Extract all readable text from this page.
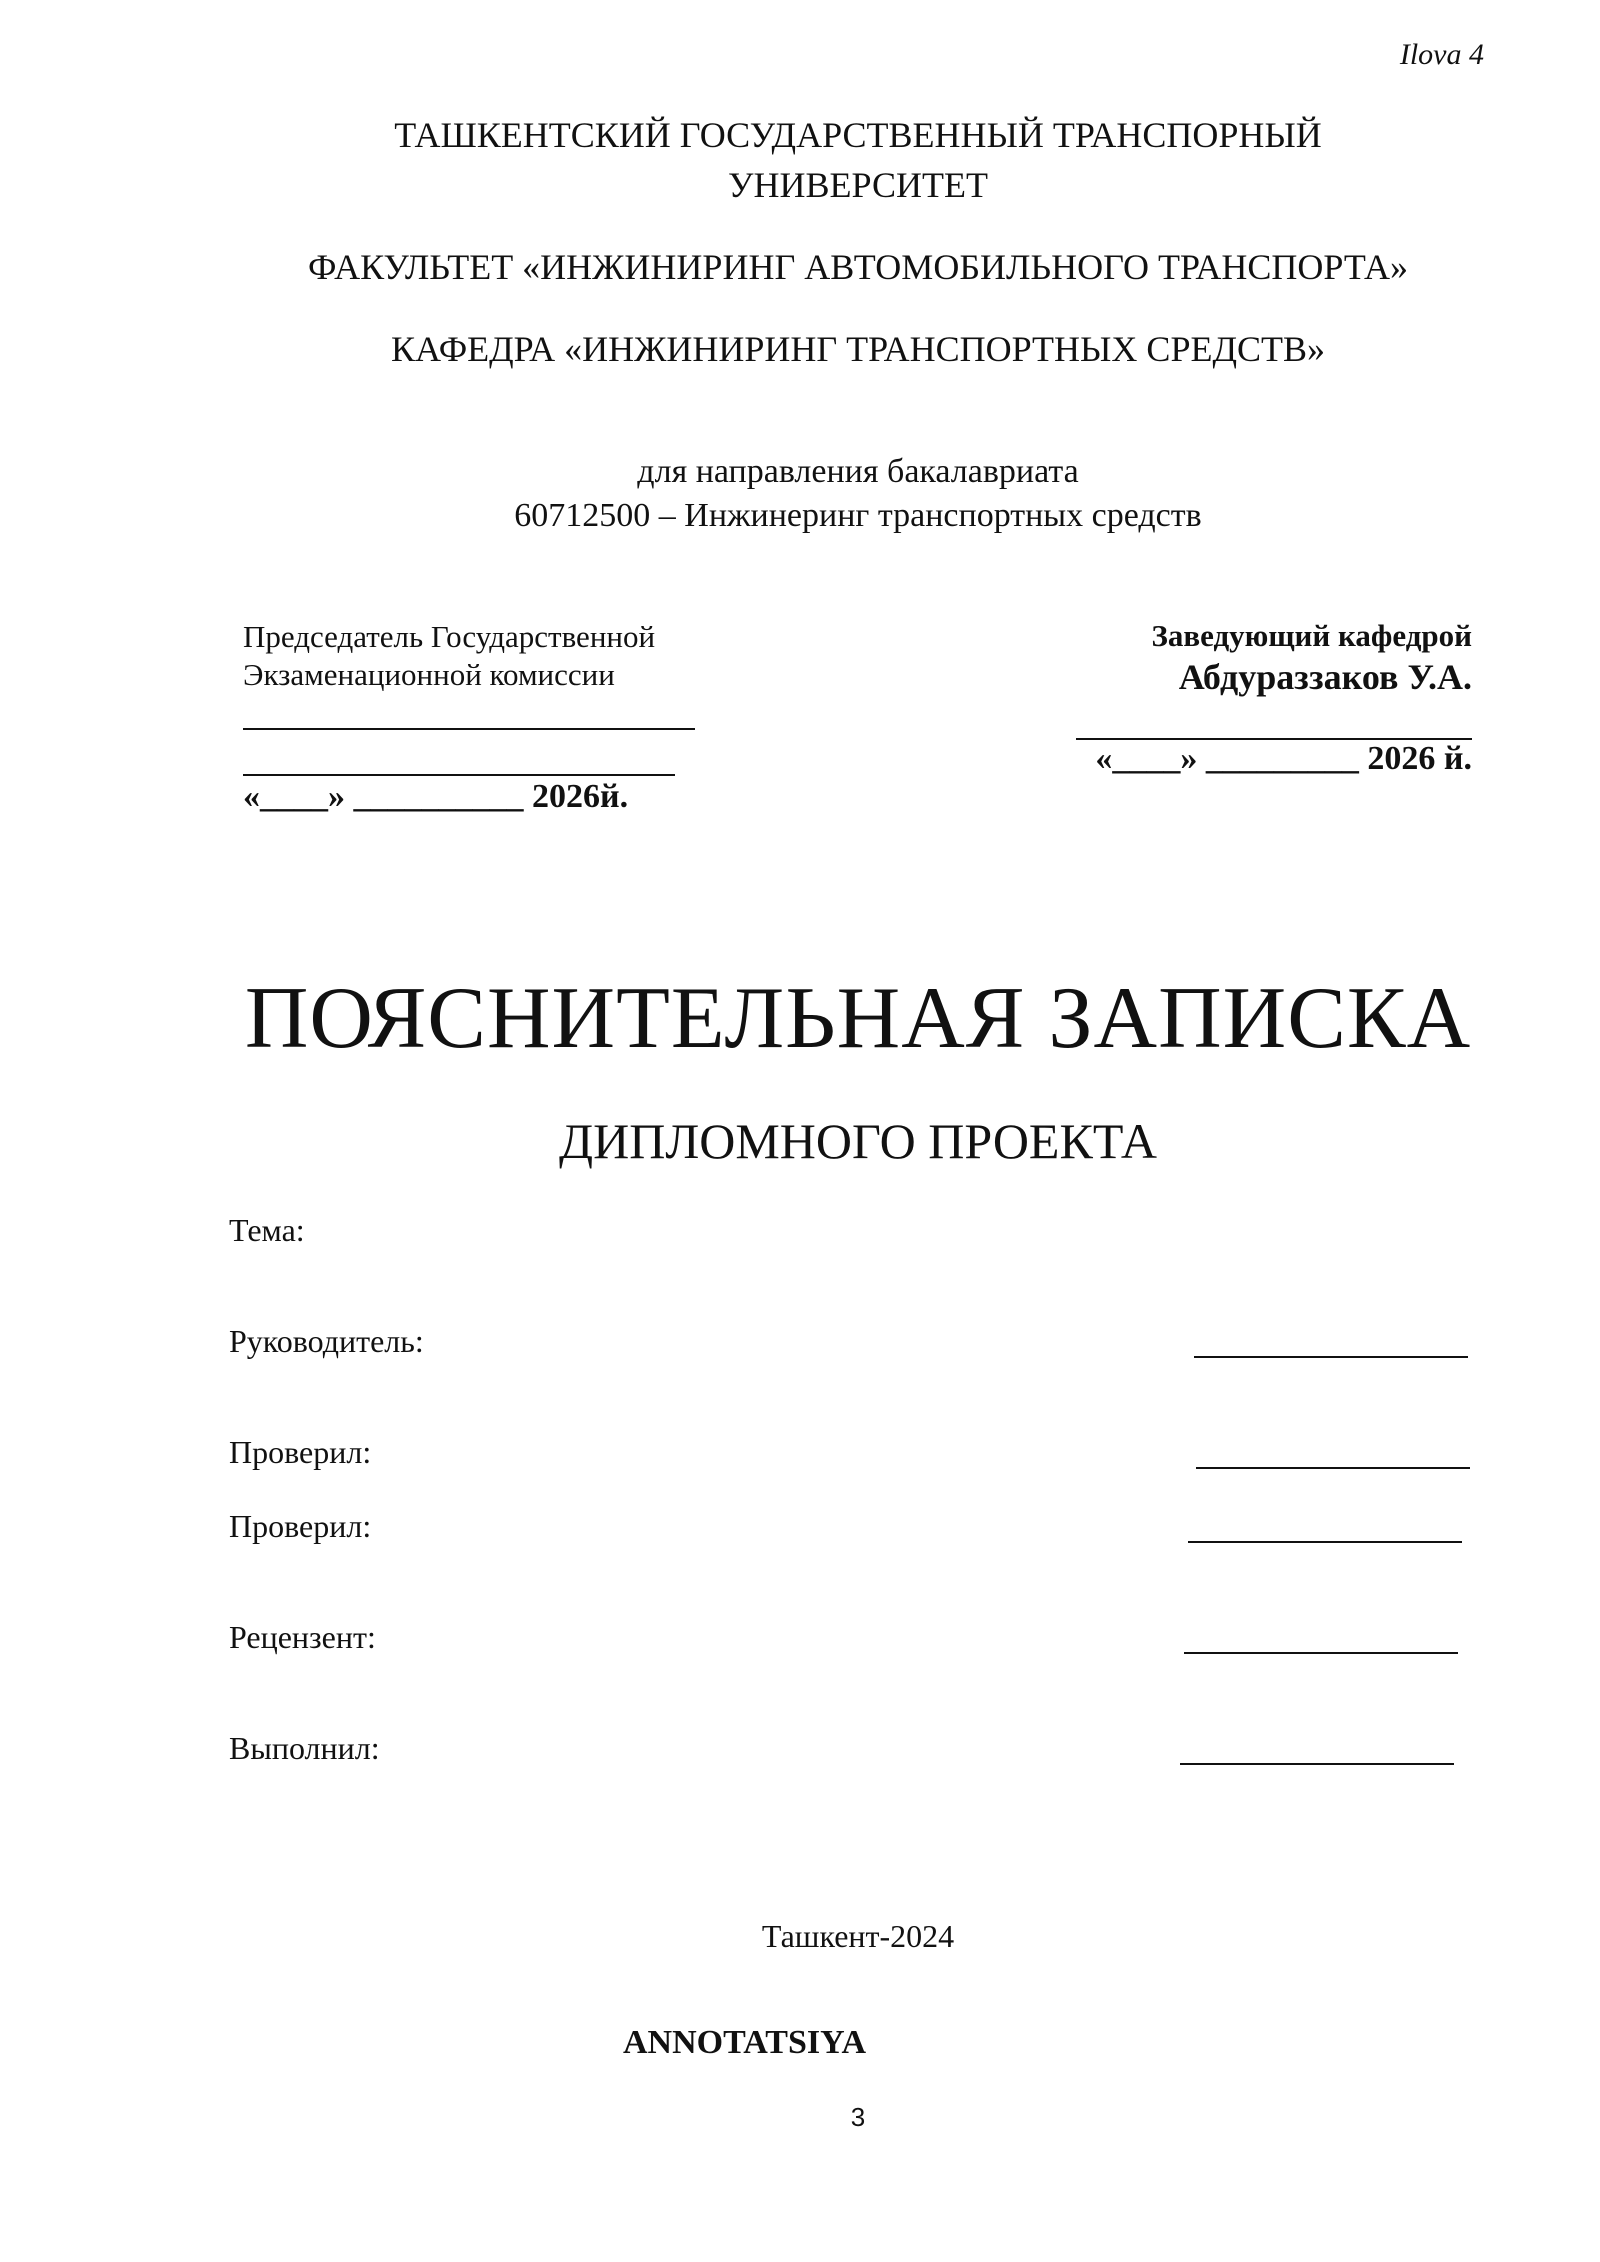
Ilova 4
ТАШКЕНТСКИЙ ГОСУДАРСТВЕННЫЙ ТРАНСПОРНЫЙ
УНИВЕРСИТЕТ
ФАКУЛЬТЕТ «ИНЖИНИРИНГ АВТОМОБИЛЬНОГО ТРАНСПОРТА»
КАФЕДРА «ИНЖИНИРИНГ ТРАНСПОРТНЫХ СРЕДСТВ»
для направления бакалавриата
60712500 – Инжинеринг транспортных средств
Председатель Государственной
Экзаменационной комиссии
«____» __________ 2026й.
Заведующий кафедрой
Абдураззаков У.А.
«____» _________ 2026 й.
ПОЯСНИТЕЛЬНАЯ ЗАПИСКА
ДИПЛОМНОГО ПРОЕКТА
Тема:
Руководитель:
Проверил:
Проверил:
Рецензент:
Выполнил:
Ташкент-2024
ANNOTATSIYA
3
